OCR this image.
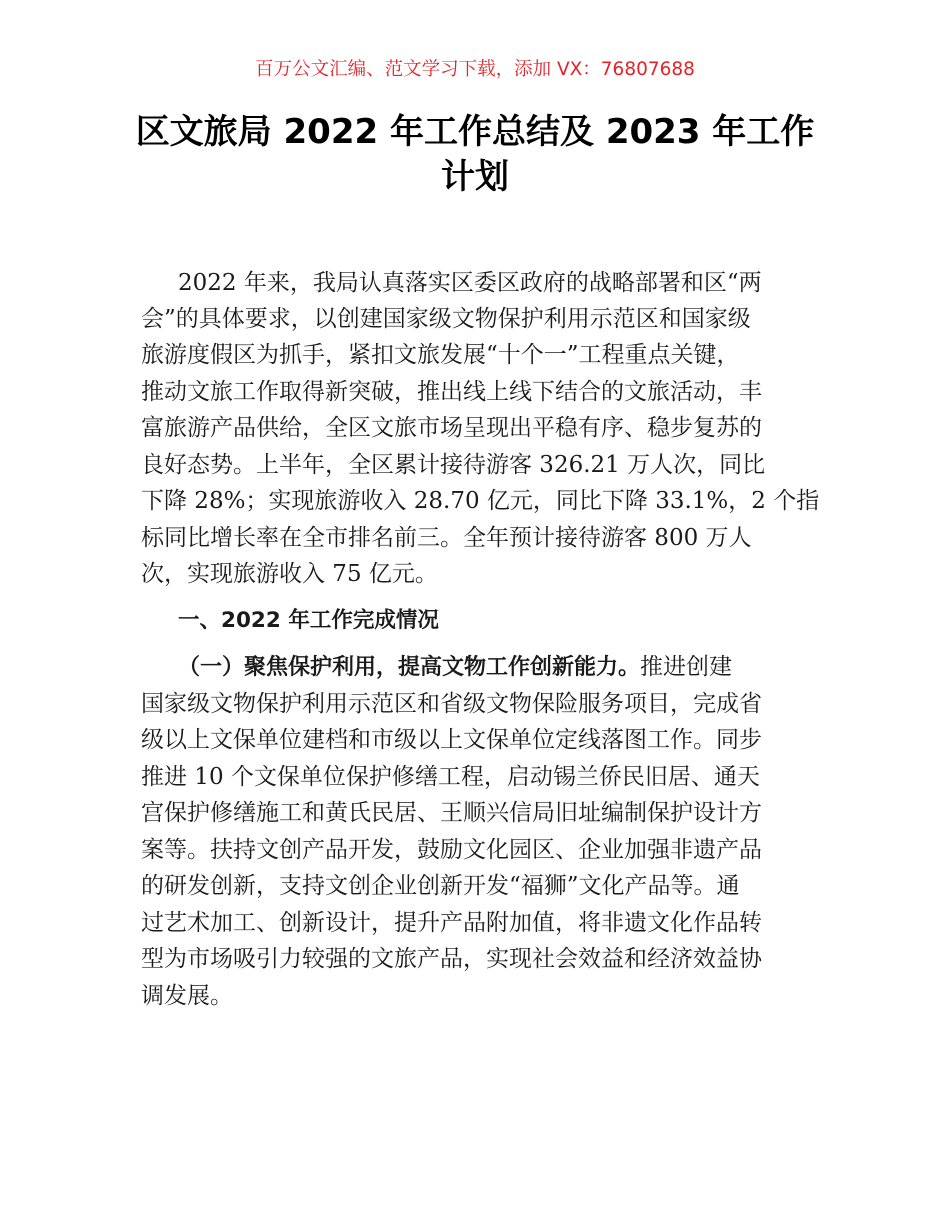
百万公文汇编、范文学习下载，添加 VX：76807688
区文旅局 2022 年工作总结及 2023 年工作
计划
2022 年来，我局认真落实区委区政府的战略部署和区“两
会”的具体要求，以创建国家级文物保护利用示范区和国家级
旅游度假区为抓手，紧扣文旅发展“十个一”工程重点关键，
推动文旅工作取得新突破，推出线上线下结合的文旅活动，丰
富旅游产品供给，全区文旅市场呈现出平稳有序、稳步复苏的
良好态势。上半年，全区累计接待游客 326.21 万人次，同比
下降 28%；实现旅游收入 28.70 亿元，同比下降 33.1%，2 个指
标同比增长率在全市排名前三。全年预计接待游客 800 万人
次，实现旅游收入 75 亿元。
一、2022 年工作完成情况
（一）聚焦保护利用，提高文物工作创新能力。推进创建
国家级文物保护利用示范区和省级文物保险服务项目，完成省
级以上文保单位建档和市级以上文保单位定线落图工作。同步
推进 10 个文保单位保护修缮工程，启动锡兰侨民旧居、通天
宫保护修缮施工和黄氏民居、王顺兴信局旧址编制保护设计方
案等。扶持文创产品开发，鼓励文化园区、企业加强非遗产品
的研发创新，支持文创企业创新开发“福狮”文化产品等。通
过艺术加工、创新设计，提升产品附加值，将非遗文化作品转
型为市场吸引力较强的文旅产品，实现社会效益和经济效益协
调发展。
